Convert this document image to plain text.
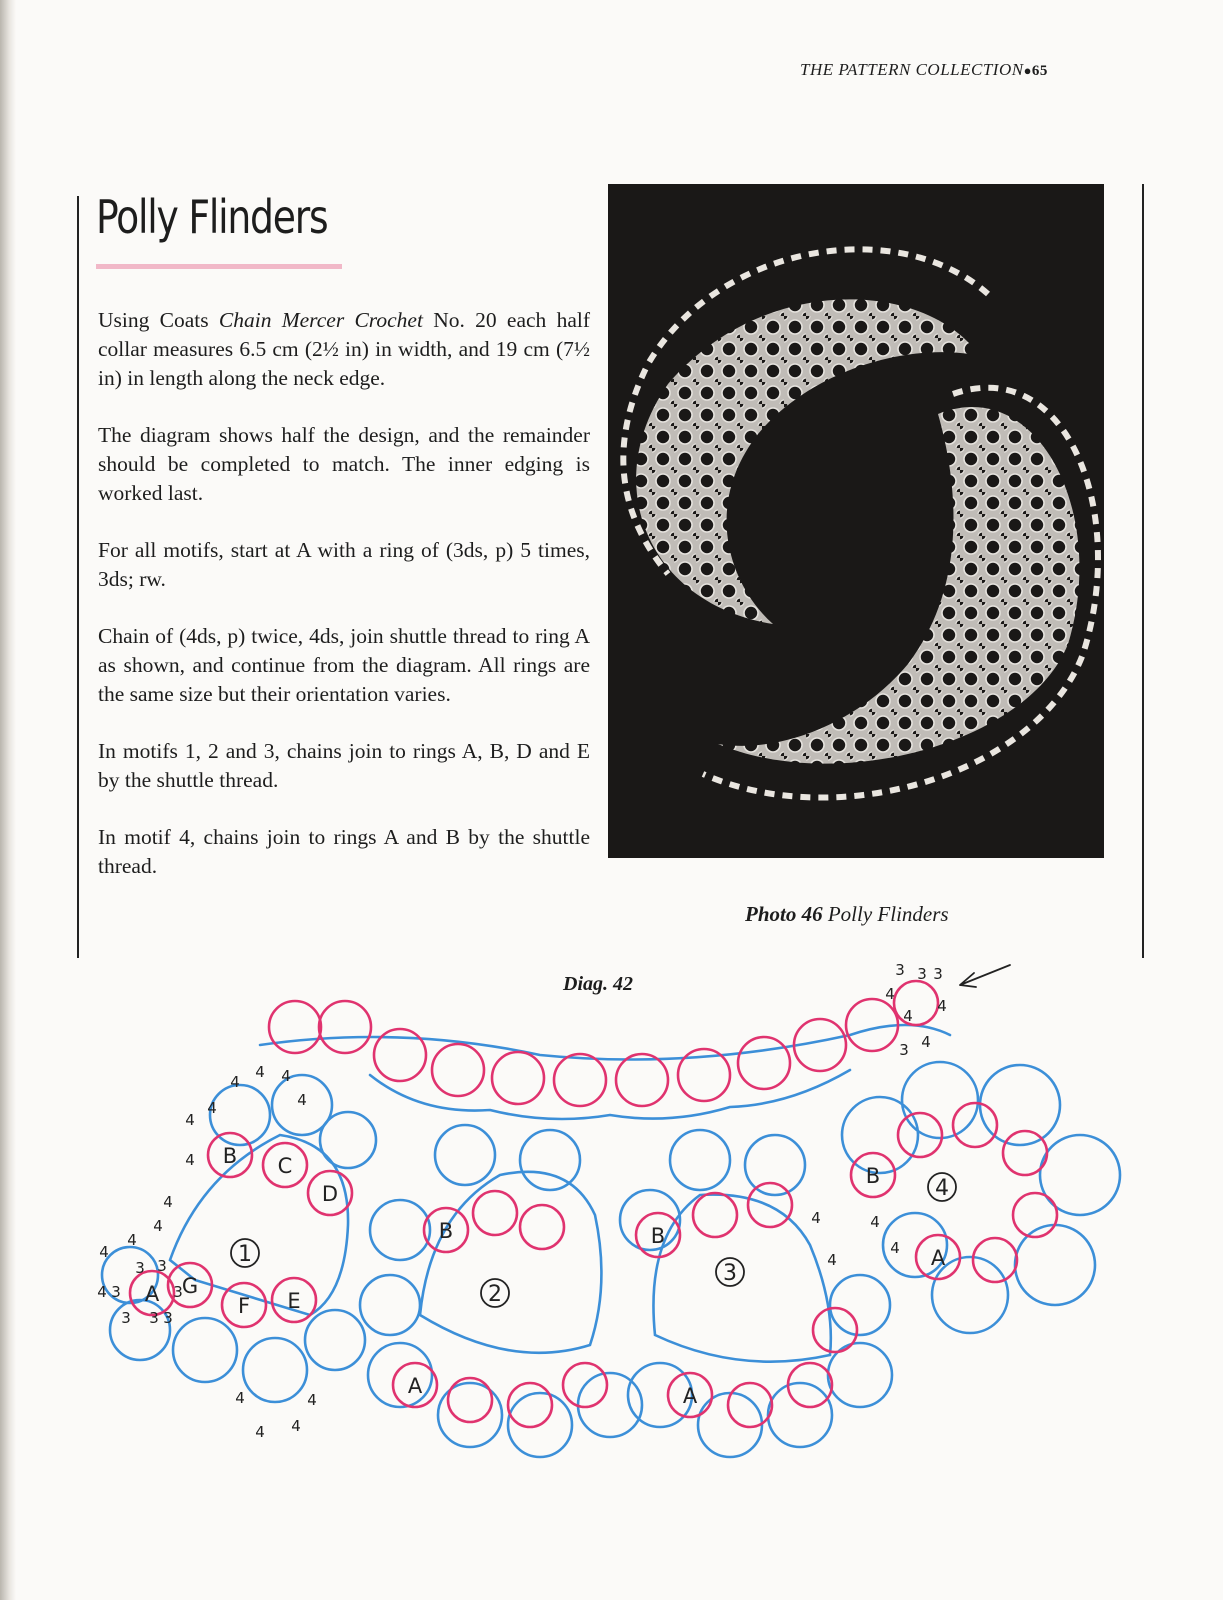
THE PATTERN COLLECTION●65
Polly Flinders

Using Coats Chain Mercer Crochet No. 20 each half collar measures 6.5 cm (2½ in) in width, and 19 cm (7½ in) in length along the neck edge.

The diagram shows half the design, and the remainder should be completed to match. The inner edging is worked last.

For all motifs, start at A with a ring of (3ds, p) 5 times, 3ds; rw.

Chain of (4ds, p) twice, 4ds, join shuttle thread to ring A as shown, and continue from the diagram. All rings are the same size but their orientation varies.

In motifs 1, 2 and 3, chains join to rings A, B, D and E by the shuttle thread.

In motif 4, chains join to rings A and B by the shuttle thread.

Photo 46 Polly Flinders
Diag. 42
1
2
3
4
A
B C
D
E
F
G
A
B
A
B
A
B
4
4 4
4
4
4
4
4
4
4
4
4 3
3 3
3
3 3 3
4
4 4
4
4
4
4
4
3 3 3
4
4
4
3 4
